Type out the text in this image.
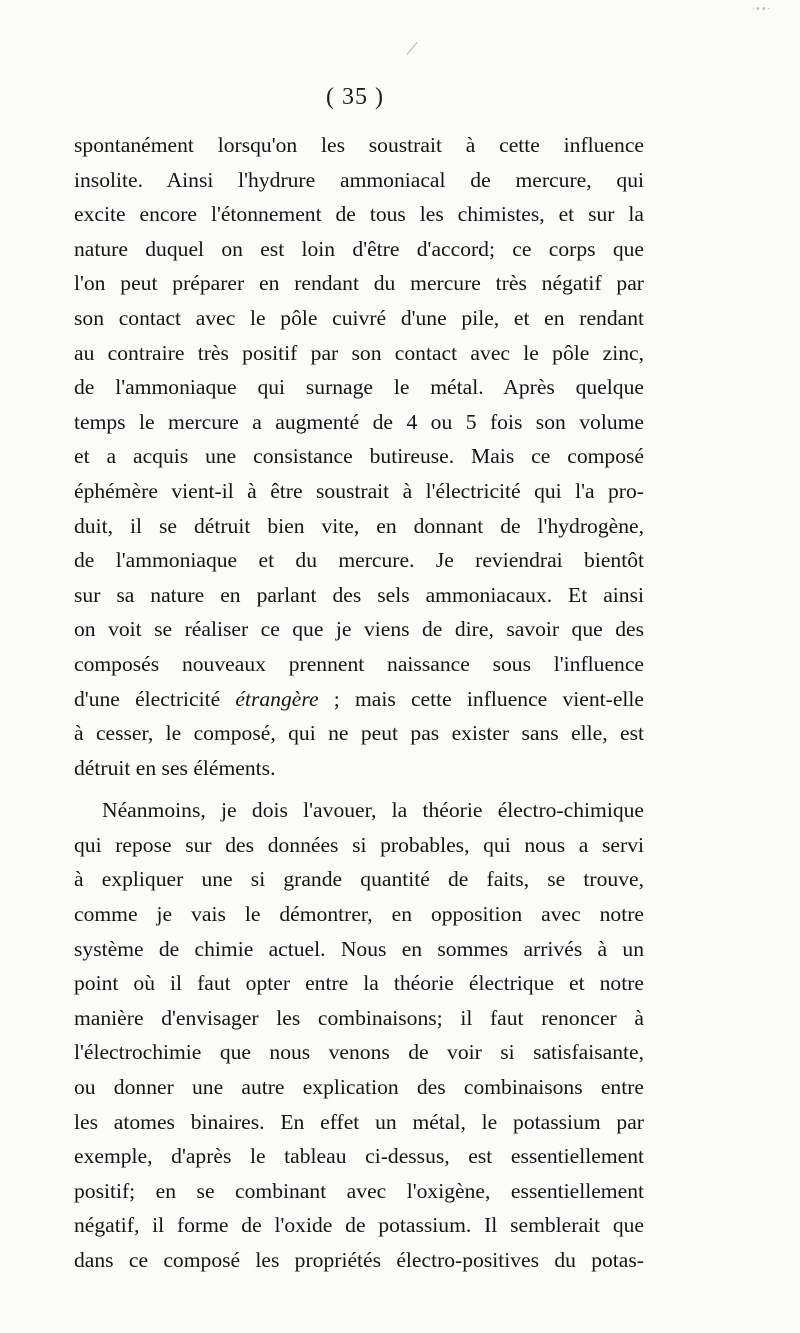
·••·
( 35 )
spontanément lorsqu'on les soustrait à cette influence
insolite. Ainsi l'hydrure ammoniacal de mercure, qui
excite encore l'étonnement de tous les chimistes, et sur la
nature duquel on est loin d'être d'accord; ce corps que
l'on peut préparer en rendant du mercure très négatif par
son contact avec le pôle cuivré d'une pile, et en rendant
au contraire très positif par son contact avec le pôle zinc,
de l'ammoniaque qui surnage le métal. Après quelque
temps le mercure a augmenté de 4 ou 5 fois son volume
et a acquis une consistance butireuse. Mais ce composé
éphémère vient-il à être soustrait à l'électricité qui l'a pro-
duit, il se détruit bien vite, en donnant de l'hydrogène,
de l'ammoniaque et du mercure. Je reviendrai bientôt
sur sa nature en parlant des sels ammoniacaux. Et ainsi
on voit se réaliser ce que je viens de dire, savoir que des
composés nouveaux prennent naissance sous l'influence
d'une électricité étrangère ; mais cette influence vient-elle
à cesser, le composé, qui ne peut pas exister sans elle, est
détruit en ses éléments.
Néanmoins, je dois l'avouer, la théorie électro-chimique
qui repose sur des données si probables, qui nous a servi
à expliquer une si grande quantité de faits, se trouve,
comme je vais le démontrer, en opposition avec notre
système de chimie actuel. Nous en sommes arrivés à un
point où il faut opter entre la théorie électrique et notre
manière d'envisager les combinaisons; il faut renoncer à
l'électrochimie que nous venons de voir si satisfaisante,
ou donner une autre explication des combinaisons entre
les atomes binaires. En effet un métal, le potassium par
exemple, d'après le tableau ci-dessus, est essentiellement
positif; en se combinant avec l'oxigène, essentiellement
négatif, il forme de l'oxide de potassium. Il semblerait que
dans ce composé les propriétés électro-positives du potas-
